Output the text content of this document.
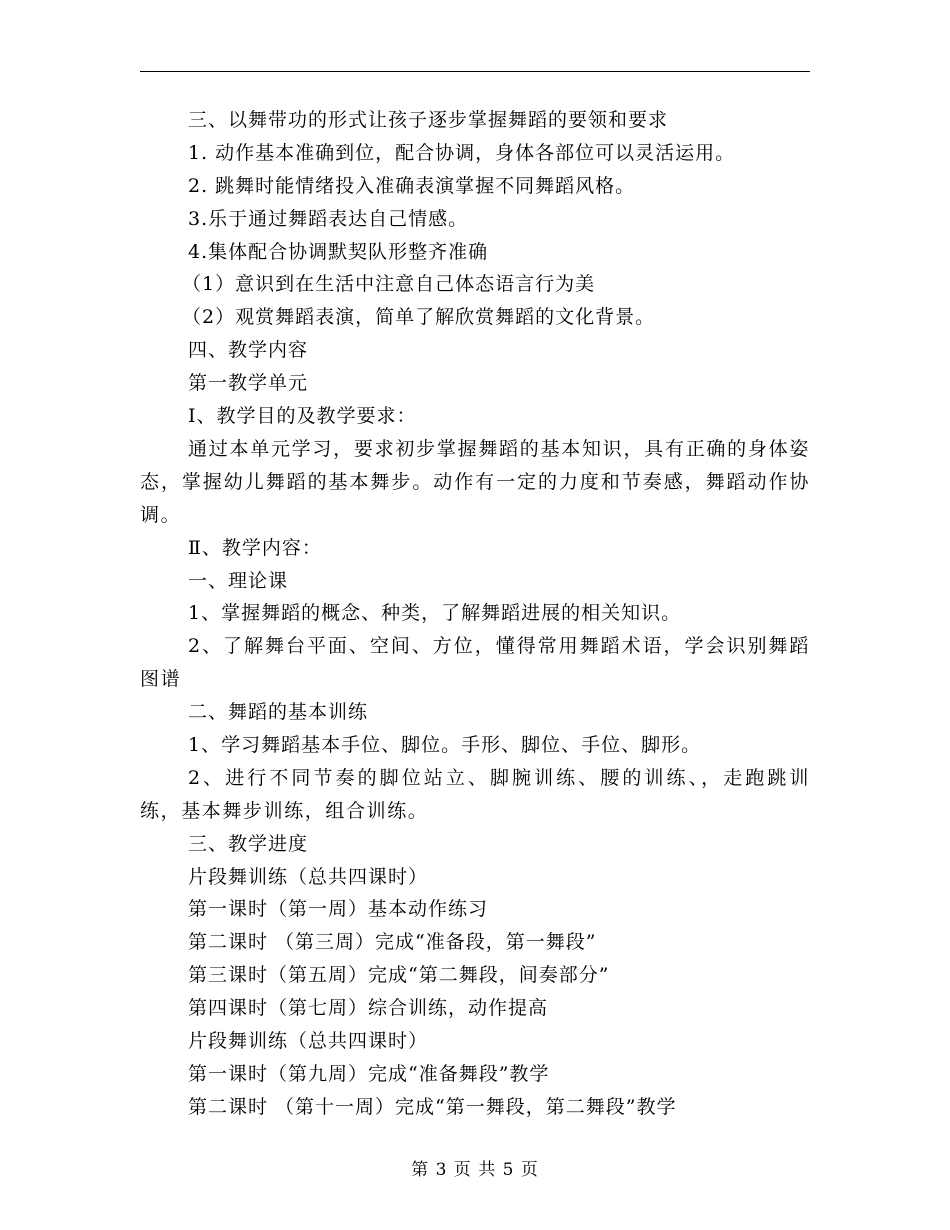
三、以舞带功的形式让孩子逐步掌握舞蹈的要领和要求
1. 动作基本准确到位，配合协调，身体各部位可以灵活运用。
2. 跳舞时能情绪投入准确表演掌握不同舞蹈风格。
3.乐于通过舞蹈表达自己情感。
4.集体配合协调默契队形整齐准确
（1）意识到在生活中注意自己体态语言行为美
（2）观赏舞蹈表演，简单了解欣赏舞蹈的文化背景。
四、教学内容
第一教学单元
Ⅰ、教学目的及教学要求：
通过本单元学习，要求初步掌握舞蹈的基本知识，具有正确的身体姿态，掌握幼儿舞蹈的基本舞步。动作有一定的力度和节奏感，舞蹈动作协调。
Ⅱ、教学内容：
一、理论课
1、掌握舞蹈的概念、种类，了解舞蹈进展的相关知识。
2、了解舞台平面、空间、方位，懂得常用舞蹈术语，学会识别舞蹈图谱
二、舞蹈的基本训练
1、学习舞蹈基本手位、脚位。手形、脚位、手位、脚形。
2、进行不同节奏的脚位站立、脚腕训练、腰的训练、，走跑跳训练，基本舞步训练，组合训练。
三、教学进度
片段舞训练（总共四课时）
第一课时（第一周）基本动作练习
第二课时 （第三周）完成“准备段，第一舞段”
第三课时（第五周）完成“第二舞段，间奏部分”
第四课时（第七周）综合训练，动作提高
片段舞训练（总共四课时）
第一课时（第九周）完成“准备舞段”教学
第二课时 （第十一周）完成“第一舞段，第二舞段”教学
第 3 页 共 5 页
